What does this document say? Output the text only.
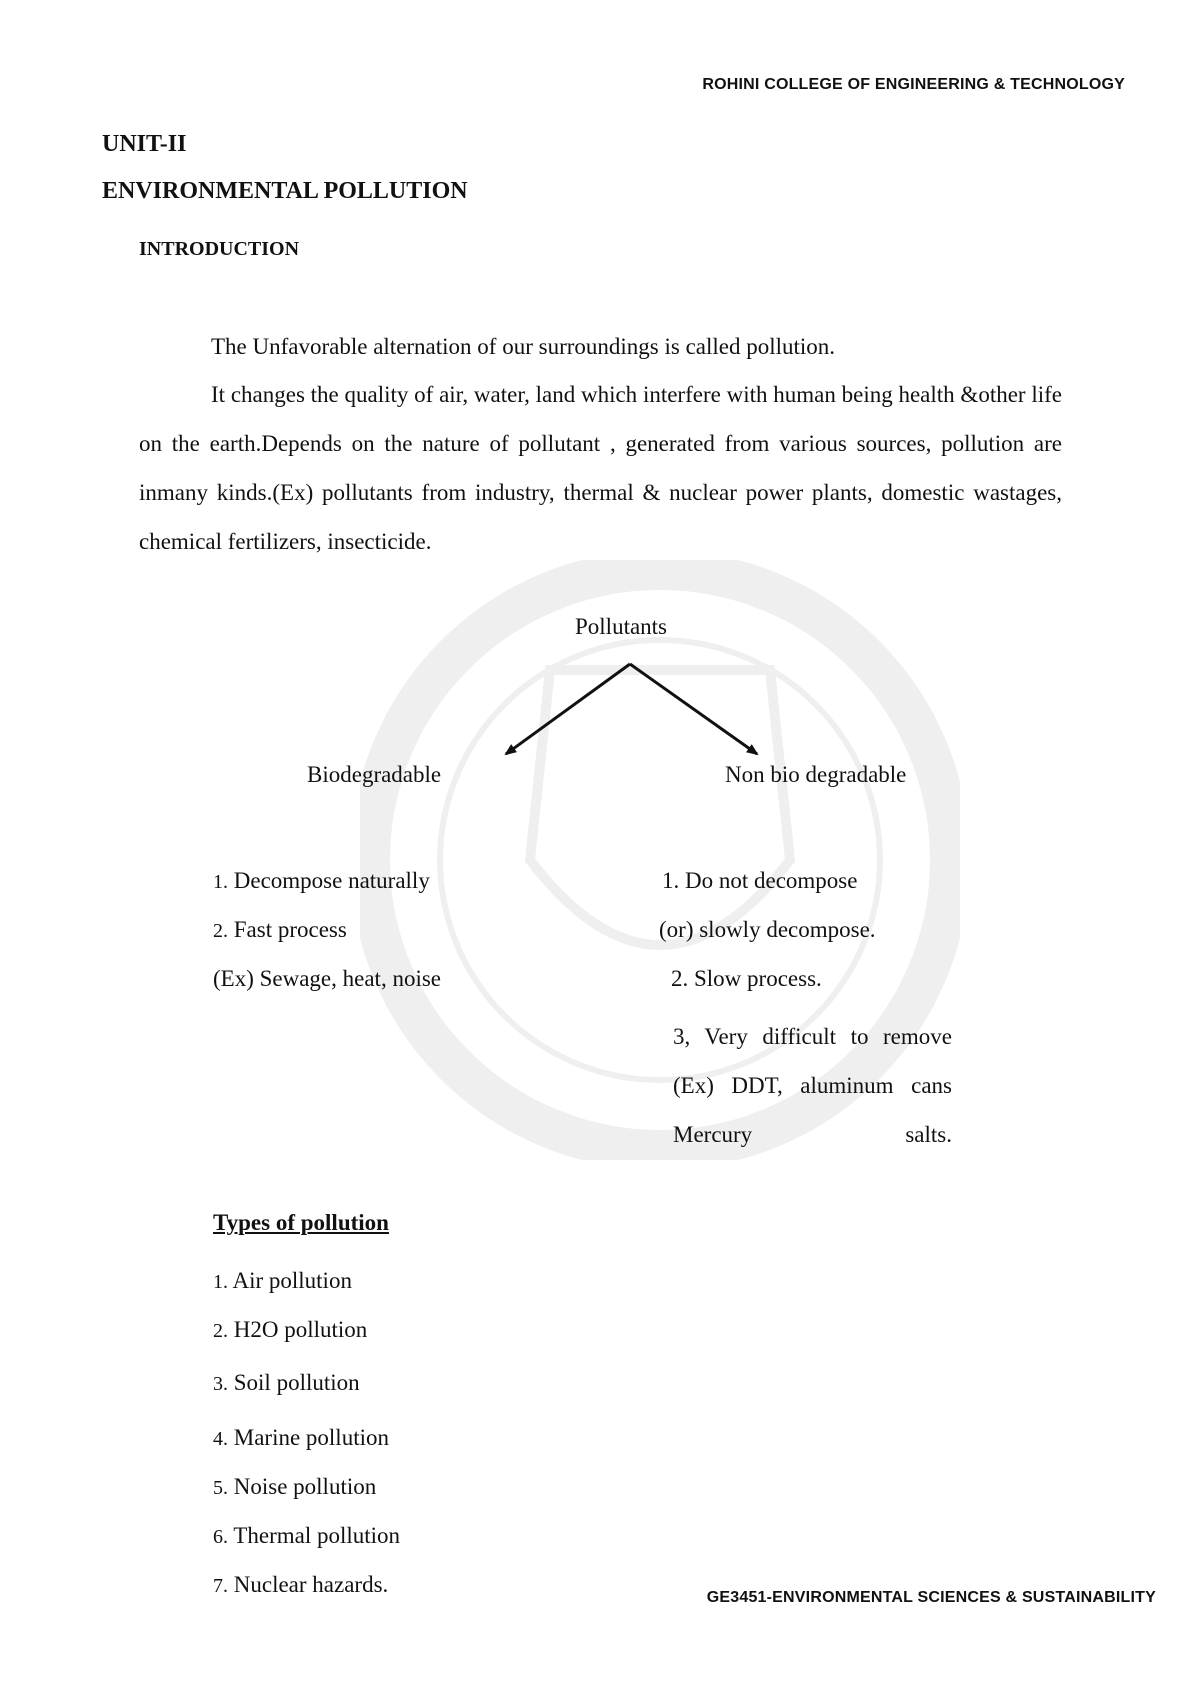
ROHINI COLLEGE OF ENGINEERING & TECHNOLOGY
UNIT-II
ENVIRONMENTAL POLLUTION
INTRODUCTION

The Unfavorable alternation of our surroundings is called pollution.

It changes the quality of air, water, land which interfere with human being health &other life on the earth.Depends on the nature of pollutant , generated from various sources, pollution are inmany kinds.(Ex) pollutants from industry, thermal & nuclear power plants, domestic wastages, chemical fertilizers, insecticide.

Pollutants
Biodegradable	Non bio degradable
1. Decompose naturally
2. Fast process
(Ex) Sewage, heat, noise
1. Do not decompose
(or) slowly decompose.
2. Slow process.
3, Very difficult to remove (Ex) DDT, aluminum cans Mercury salts.
Types of pollution
1. Air pollution
2. H2O pollution
3. Soil pollution
4. Marine pollution
5. Noise pollution
6. Thermal pollution
7. Nuclear hazards.
GE3451-ENVIRONMENTAL SCIENCES & SUSTAINABILITY
